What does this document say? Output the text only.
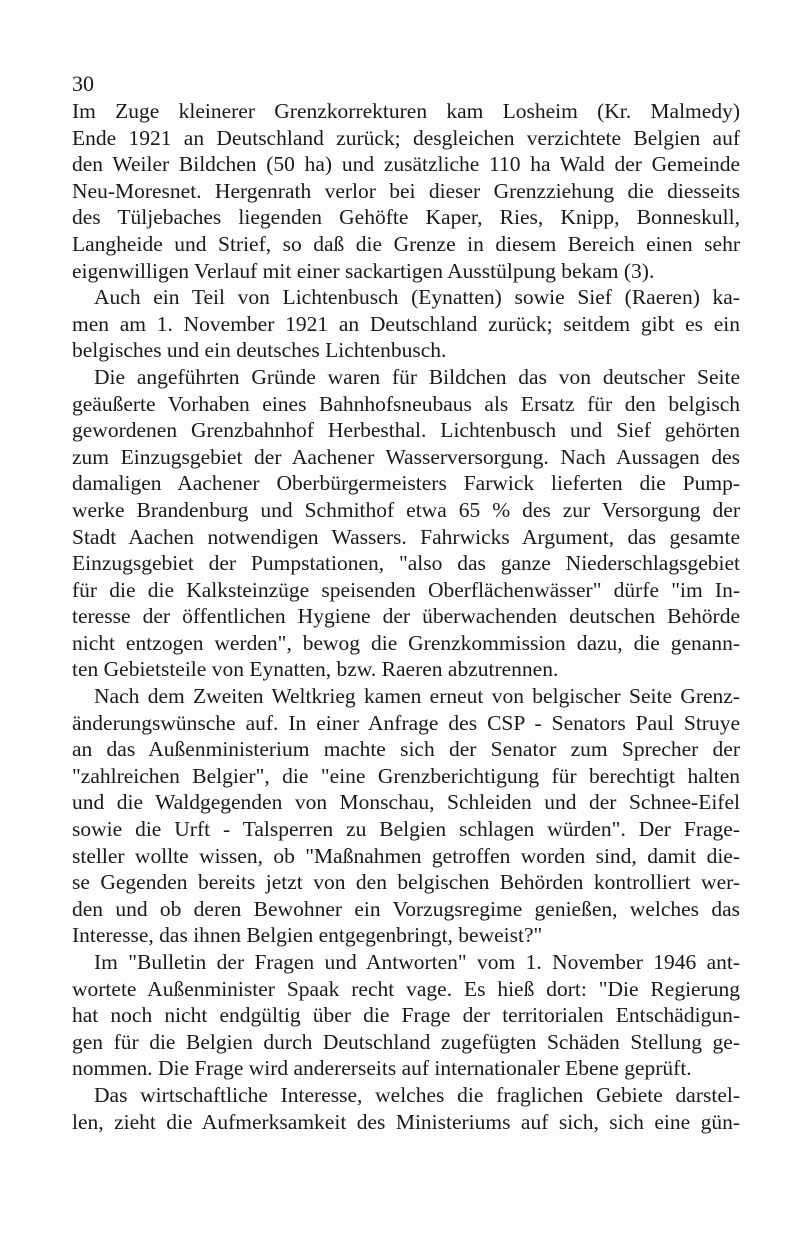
30
Im Zuge kleinerer Grenzkorrekturen kam Losheim (Kr. Malmedy)
Ende 1921 an Deutschland zurück; desgleichen verzichtete Belgien auf
den Weiler Bildchen (50 ha) und zusätzliche 110 ha Wald der Gemeinde
Neu-Moresnet. Hergenrath verlor bei dieser Grenzziehung die diesseits
des Tüljebaches liegenden Gehöfte Kaper, Ries, Knipp, Bonneskull,
Langheide und Strief, so daß die Grenze in diesem Bereich einen sehr
eigenwilligen Verlauf mit einer sackartigen Ausstülpung bekam (3).
Auch ein Teil von Lichtenbusch (Eynatten) sowie Sief (Raeren) ka-
men am 1. November 1921 an Deutschland zurück; seitdem gibt es ein
belgisches und ein deutsches Lichtenbusch.
Die angeführten Gründe waren für Bildchen das von deutscher Seite
geäußerte Vorhaben eines Bahnhofsneubaus als Ersatz für den belgisch
gewordenen Grenzbahnhof Herbesthal. Lichtenbusch und Sief gehörten
zum Einzugsgebiet der Aachener Wasserversorgung. Nach Aussagen des
damaligen Aachener Oberbürgermeisters Farwick lieferten die Pump-
werke Brandenburg und Schmithof etwa 65 % des zur Versorgung der
Stadt Aachen notwendigen Wassers. Fahrwicks Argument, das gesamte
Einzugsgebiet der Pumpstationen, "also das ganze Niederschlagsgebiet
für die die Kalksteinzüge speisenden Oberflächenwässer" dürfe "im In-
teresse der öffentlichen Hygiene der überwachenden deutschen Behörde
nicht entzogen werden", bewog die Grenzkommission dazu, die genann-
ten Gebietsteile von Eynatten, bzw. Raeren abzutrennen.
Nach dem Zweiten Weltkrieg kamen erneut von belgischer Seite Grenz-
änderungswünsche auf. In einer Anfrage des CSP - Senators Paul Struye
an das Außenministerium machte sich der Senator zum Sprecher der
"zahlreichen Belgier", die "eine Grenzberichtigung für berechtigt halten
und die Waldgegenden von Monschau, Schleiden und der Schnee-Eifel
sowie die Urft - Talsperren zu Belgien schlagen würden". Der Frage-
steller wollte wissen, ob "Maßnahmen getroffen worden sind, damit die-
se Gegenden bereits jetzt von den belgischen Behörden kontrolliert wer-
den und ob deren Bewohner ein Vorzugsregime genießen, welches das
Interesse, das ihnen Belgien entgegenbringt, beweist?"
Im "Bulletin der Fragen und Antworten" vom 1. November 1946 ant-
wortete Außenminister Spaak recht vage. Es hieß dort: "Die Regierung
hat noch nicht endgültig über die Frage der territorialen Entschädigun-
gen für die Belgien durch Deutschland zugefügten Schäden Stellung ge-
nommen. Die Frage wird andererseits auf internationaler Ebene geprüft.
Das wirtschaftliche Interesse, welches die fraglichen Gebiete darstel-
len, zieht die Aufmerksamkeit des Ministeriums auf sich, sich eine gün-
